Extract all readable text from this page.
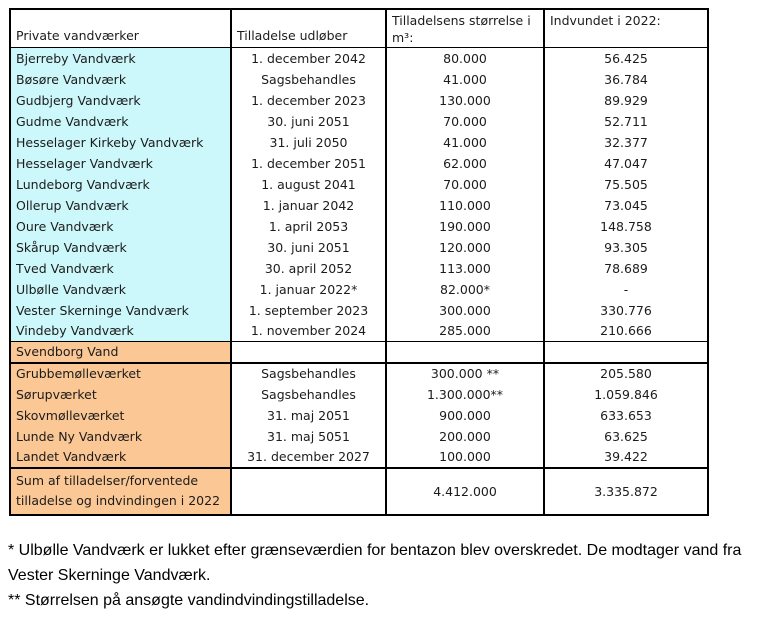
Private vandværker	Tilladelse udløber	Tilladelsens størrelse i m³:	Indvundet i 2022:
Bjerreby Vandværk	1. december 2042	80.000	56.425
Bøsøre Vandværk	Sagsbehandles	41.000	36.784
Gudbjerg Vandværk	1. december 2023	130.000	89.929
Gudme Vandværk	30. juni 2051	70.000	52.711
Hesselager Kirkeby Vandværk	31. juli 2050	41.000	32.377
Hesselager Vandværk	1. december 2051	62.000	47.047
Lundeborg Vandværk	1. august 2041	70.000	75.505
Ollerup Vandværk	1. januar 2042	110.000	73.045
Oure Vandværk	1. april 2053	190.000	148.758
Skårup Vandværk	30. juni 2051	120.000	93.305
Tved Vandværk	30. april 2052	113.000	78.689
Ulbølle Vandværk	1. januar 2022*	82.000*	-
Vester Skerninge Vandværk	1. september 2023	300.000	330.776
Vindeby Vandværk	1. november 2024	285.000	210.666
Svendborg Vand			
Grubbemølleværket	Sagsbehandles	300.000 **	205.580
Sørupværket	Sagsbehandles	1.300.000**	1.059.846
Skovmølleværket	31. maj 2051	900.000	633.653
Lunde Ny Vandværk	31. maj 5051	200.000	63.625
Landet Vandværk	31. december 2027	100.000	39.422
Sum af tilladelser/forventede tilladelse og indvindingen i 2022		4.412.000	3.335.872

* Ulbølle Vandværk er lukket efter grænseværdien for bentazon blev overskredet. De modtager vand fra Vester Skerninge Vandværk.

** Størrelsen på ansøgte vandindvindingstilladelse.
